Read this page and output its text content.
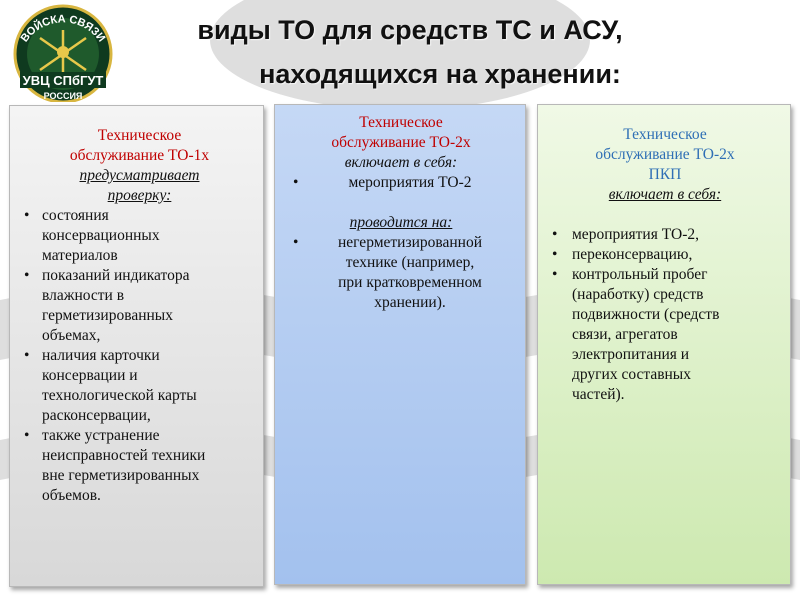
ВОЙСКА СВЯЗИ
УВЦ СПбГУТ
РОССИЯ
виды ТО для средств ТС и АСУ,
находящихся на хранении:
Техническое
обслуживание ТО-1х
предусматривает
проверку:
• состояния
консервационных
материалов
• показаний индикатора
влажности в
герметизированных
объемах,
• наличия карточки
консервации и
технологической карты
расконсервации,
• также устранение
неисправностей техники
вне герметизированных
объемов.
Техническое
обслуживание ТО-2х
включает в себя:
•	мероприятия ТО-2
проводится на:
•	негерметизированной
технике (например,
при кратковременном
хранении).
Техническое
обслуживание ТО-2х
ПКП
включает в себя:
• мероприятия ТО-2,
• переконсервацию,
• контрольный пробег
(наработку) средств
подвижности (средств
связи, агрегатов
электропитания и
других составных
частей).
